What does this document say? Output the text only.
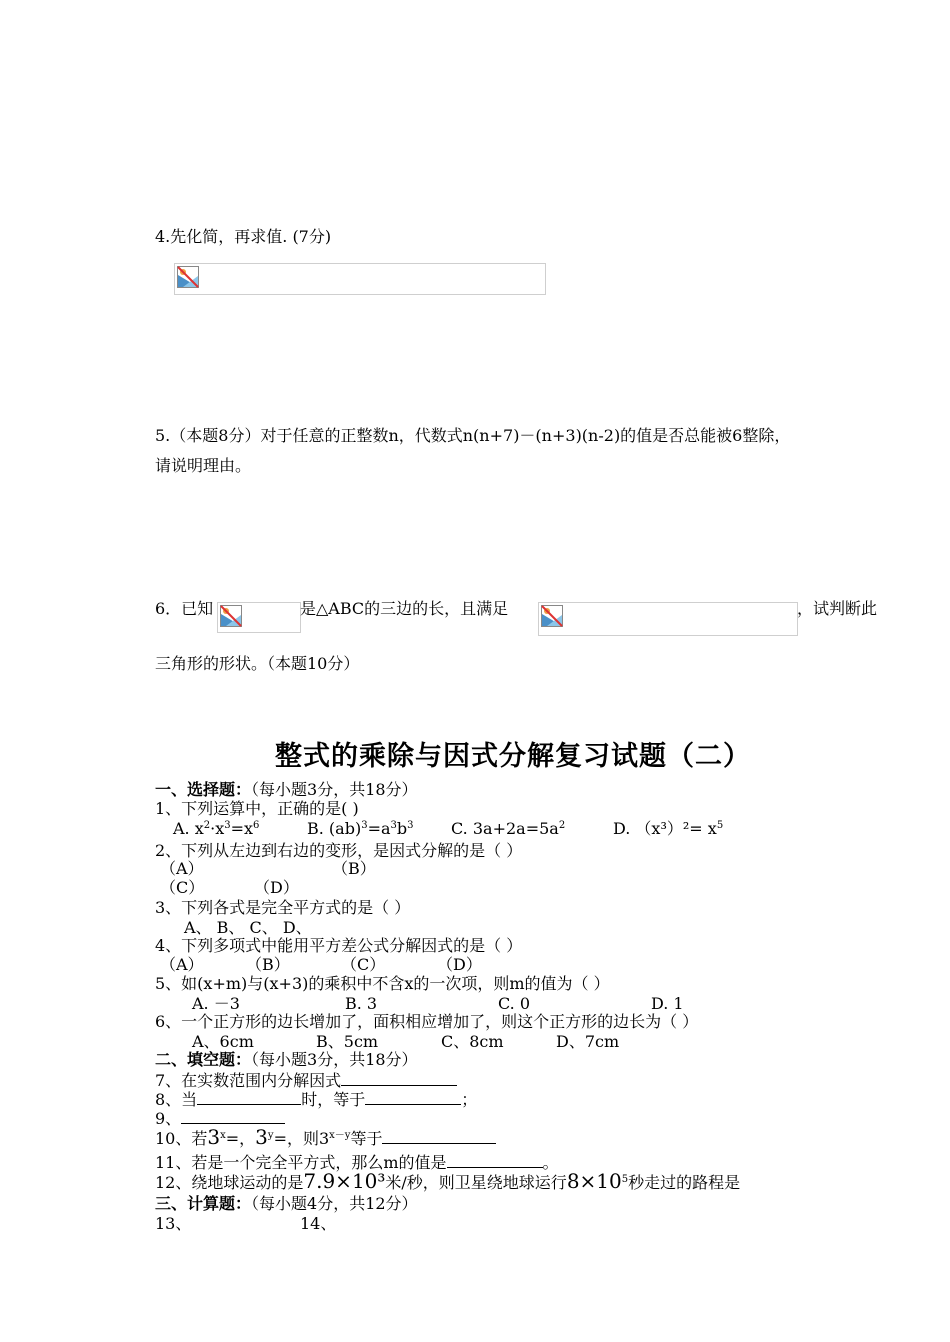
4.先化简，再求值. (7分)
5.（本题8分）对于任意的正整数n，代数式n(n+7)－(n+3)(n-2)的值是否总能被6整除，
请说明理由。
6．已知	是△ABC的三边的长，且满足	，试判断此
三角形的形状。（本题10分）
整式的乘除与因式分解复习试题（二）
一、选择题：（每小题3分，共18分）
1、下列运算中，正确的是( )
A. $x^2\cdot x^3=x^6$	B. $(ab)^3=a^3b^3$ C. $3a+2a=5a^2$	D. $(x^3)^2= x^5$
2、下列从左边到右边的变形，是因式分解的是（ ）
（A）	（B）
（C）	（D）
3、下列各式是完全平方式的是（ ）
A、 B、 C、 D、
4、下列多项式中能用平方差公式分解因式的是（ ）
（A）	（B）	（C）	（D）
5、如(x+m)与(x+3)的乘积中不含x的一次项，则m的值为（ ）
A. －3	B. 3	C. 0	D. 1
6、一个正方形的边长增加了，面积相应增加了，则这个正方形的边长为（ ）
A、6cm	B、5cm	C、8cm	D、7cm
二、填空题：（每小题3分，共18分）
7、在实数范围内分解因式
8、当	时，等于	；
9、
10、若$3^x=$，$3^y=$，则$3^{x-y}$等于
11、若是一个完全平方式，那么m的值是	。
12、绕地球运动的是7.9×10³米/秒，则卫星绕地球运行$8\times 10^5$秒走过的路程是
三、计算题：（每小题4分，共12分）
13、	14、
